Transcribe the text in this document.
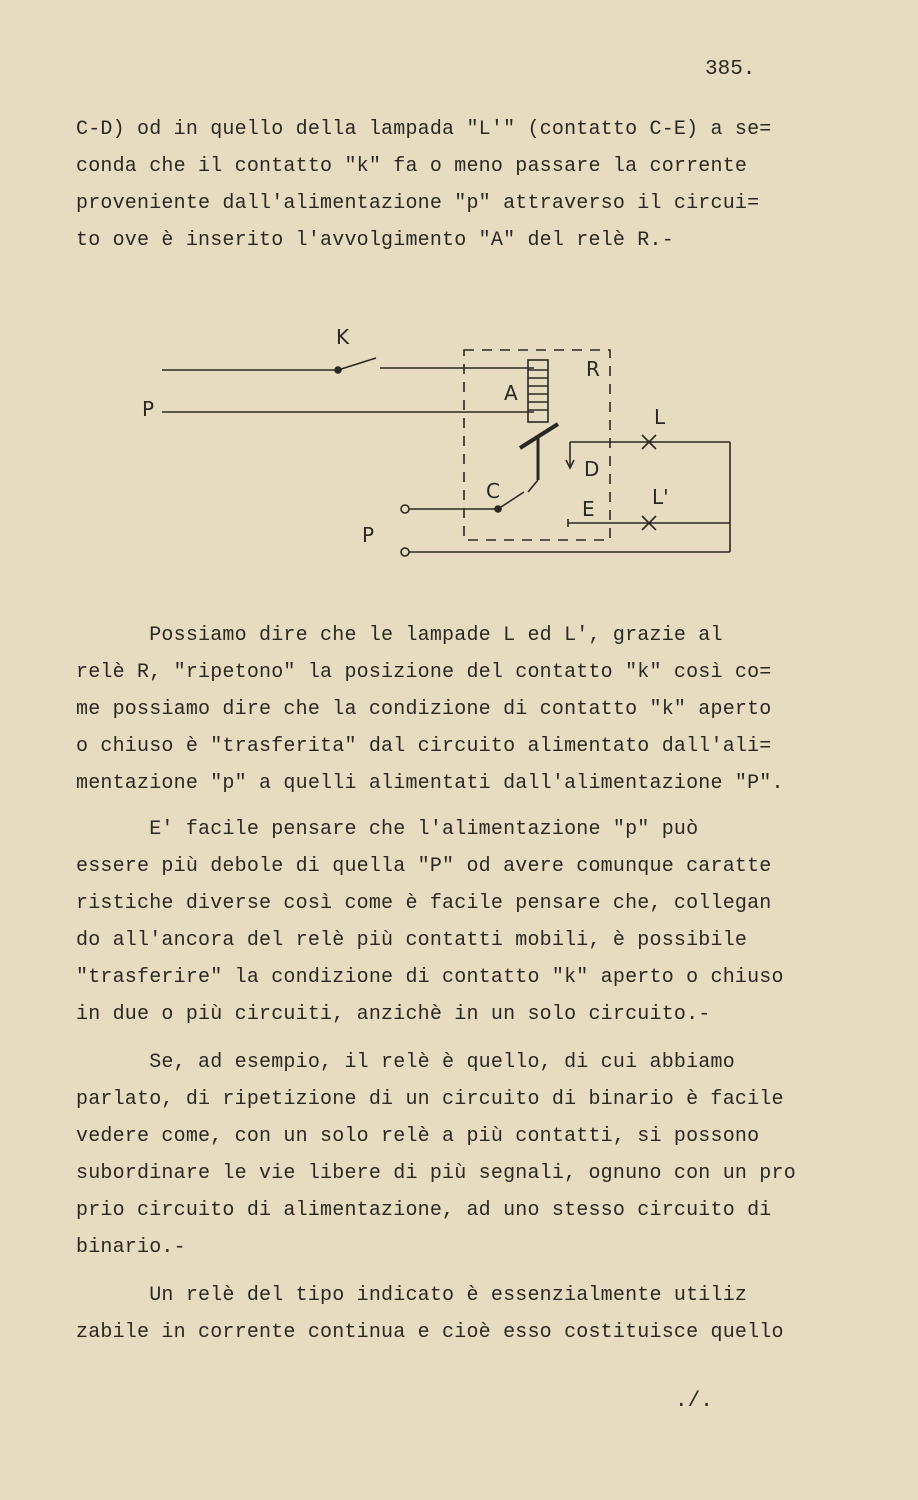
385.
C-D) od in quello della lampada "L'" (contatto C-E) a se=
conda che il contatto "k" fa o meno passare la corrente
proveniente dall'alimentazione "p" attraverso il circui=
to ove è inserito l'avvolgimento "A" del relè R.-
K
P
A
R
L
L'
D
C
E
P
Possiamo dire che le lampade L ed L', grazie al
relè R, "ripetono" la posizione del contatto "k" così co=
me possiamo dire che la condizione di contatto "k" aperto
o chiuso è "trasferita" dal circuito alimentato dall'ali=
mentazione "p" a quelli alimentati dall'alimentazione "P".
E' facile pensare che l'alimentazione "p" può
essere più debole di quella "P" od avere comunque caratte
ristiche diverse così come è facile pensare che, collegan
do all'ancora del relè più contatti mobili, è possibile
"trasferire" la condizione di contatto "k" aperto o chiuso
in due o più circuiti, anzichè in un solo circuito.-
Se, ad esempio, il relè è quello, di cui abbiamo
parlato, di ripetizione di un circuito di binario è facile
vedere come, con un solo relè a più contatti, si possono
subordinare le vie libere di più segnali, ognuno con un pro
prio circuito di alimentazione, ad uno stesso circuito di
binario.-
Un relè del tipo indicato è essenzialmente utiliz
zabile in corrente continua e cioè esso costituisce quello
./.
